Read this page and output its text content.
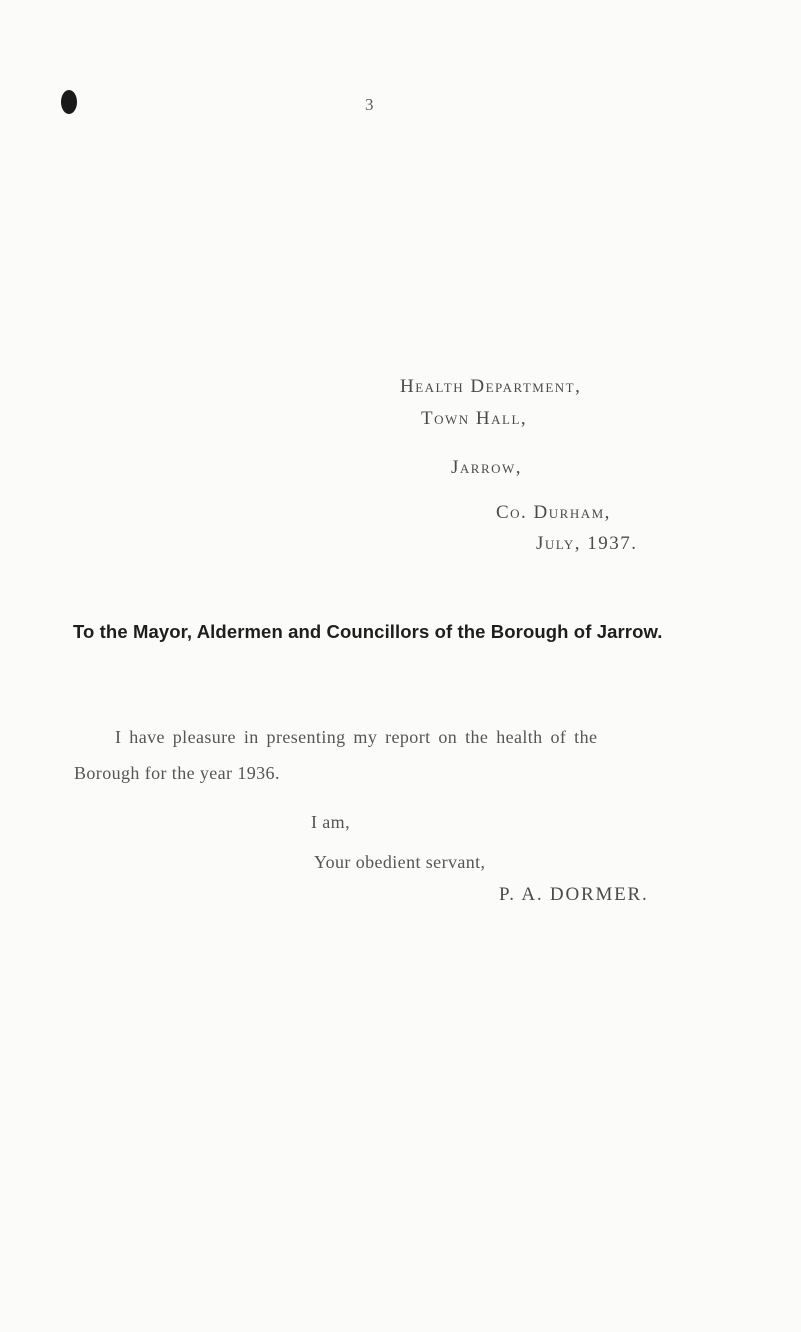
3
Health Department,
Town Hall,
Jarrow,
Co. Durham,
July, 1937.
To the Mayor, Aldermen and Councillors of the Borough of Jarrow.
I have pleasure in presenting my report on the health of the
Borough for the year 1936.
I am,
Your obedient servant,
P. A. DORMER.
